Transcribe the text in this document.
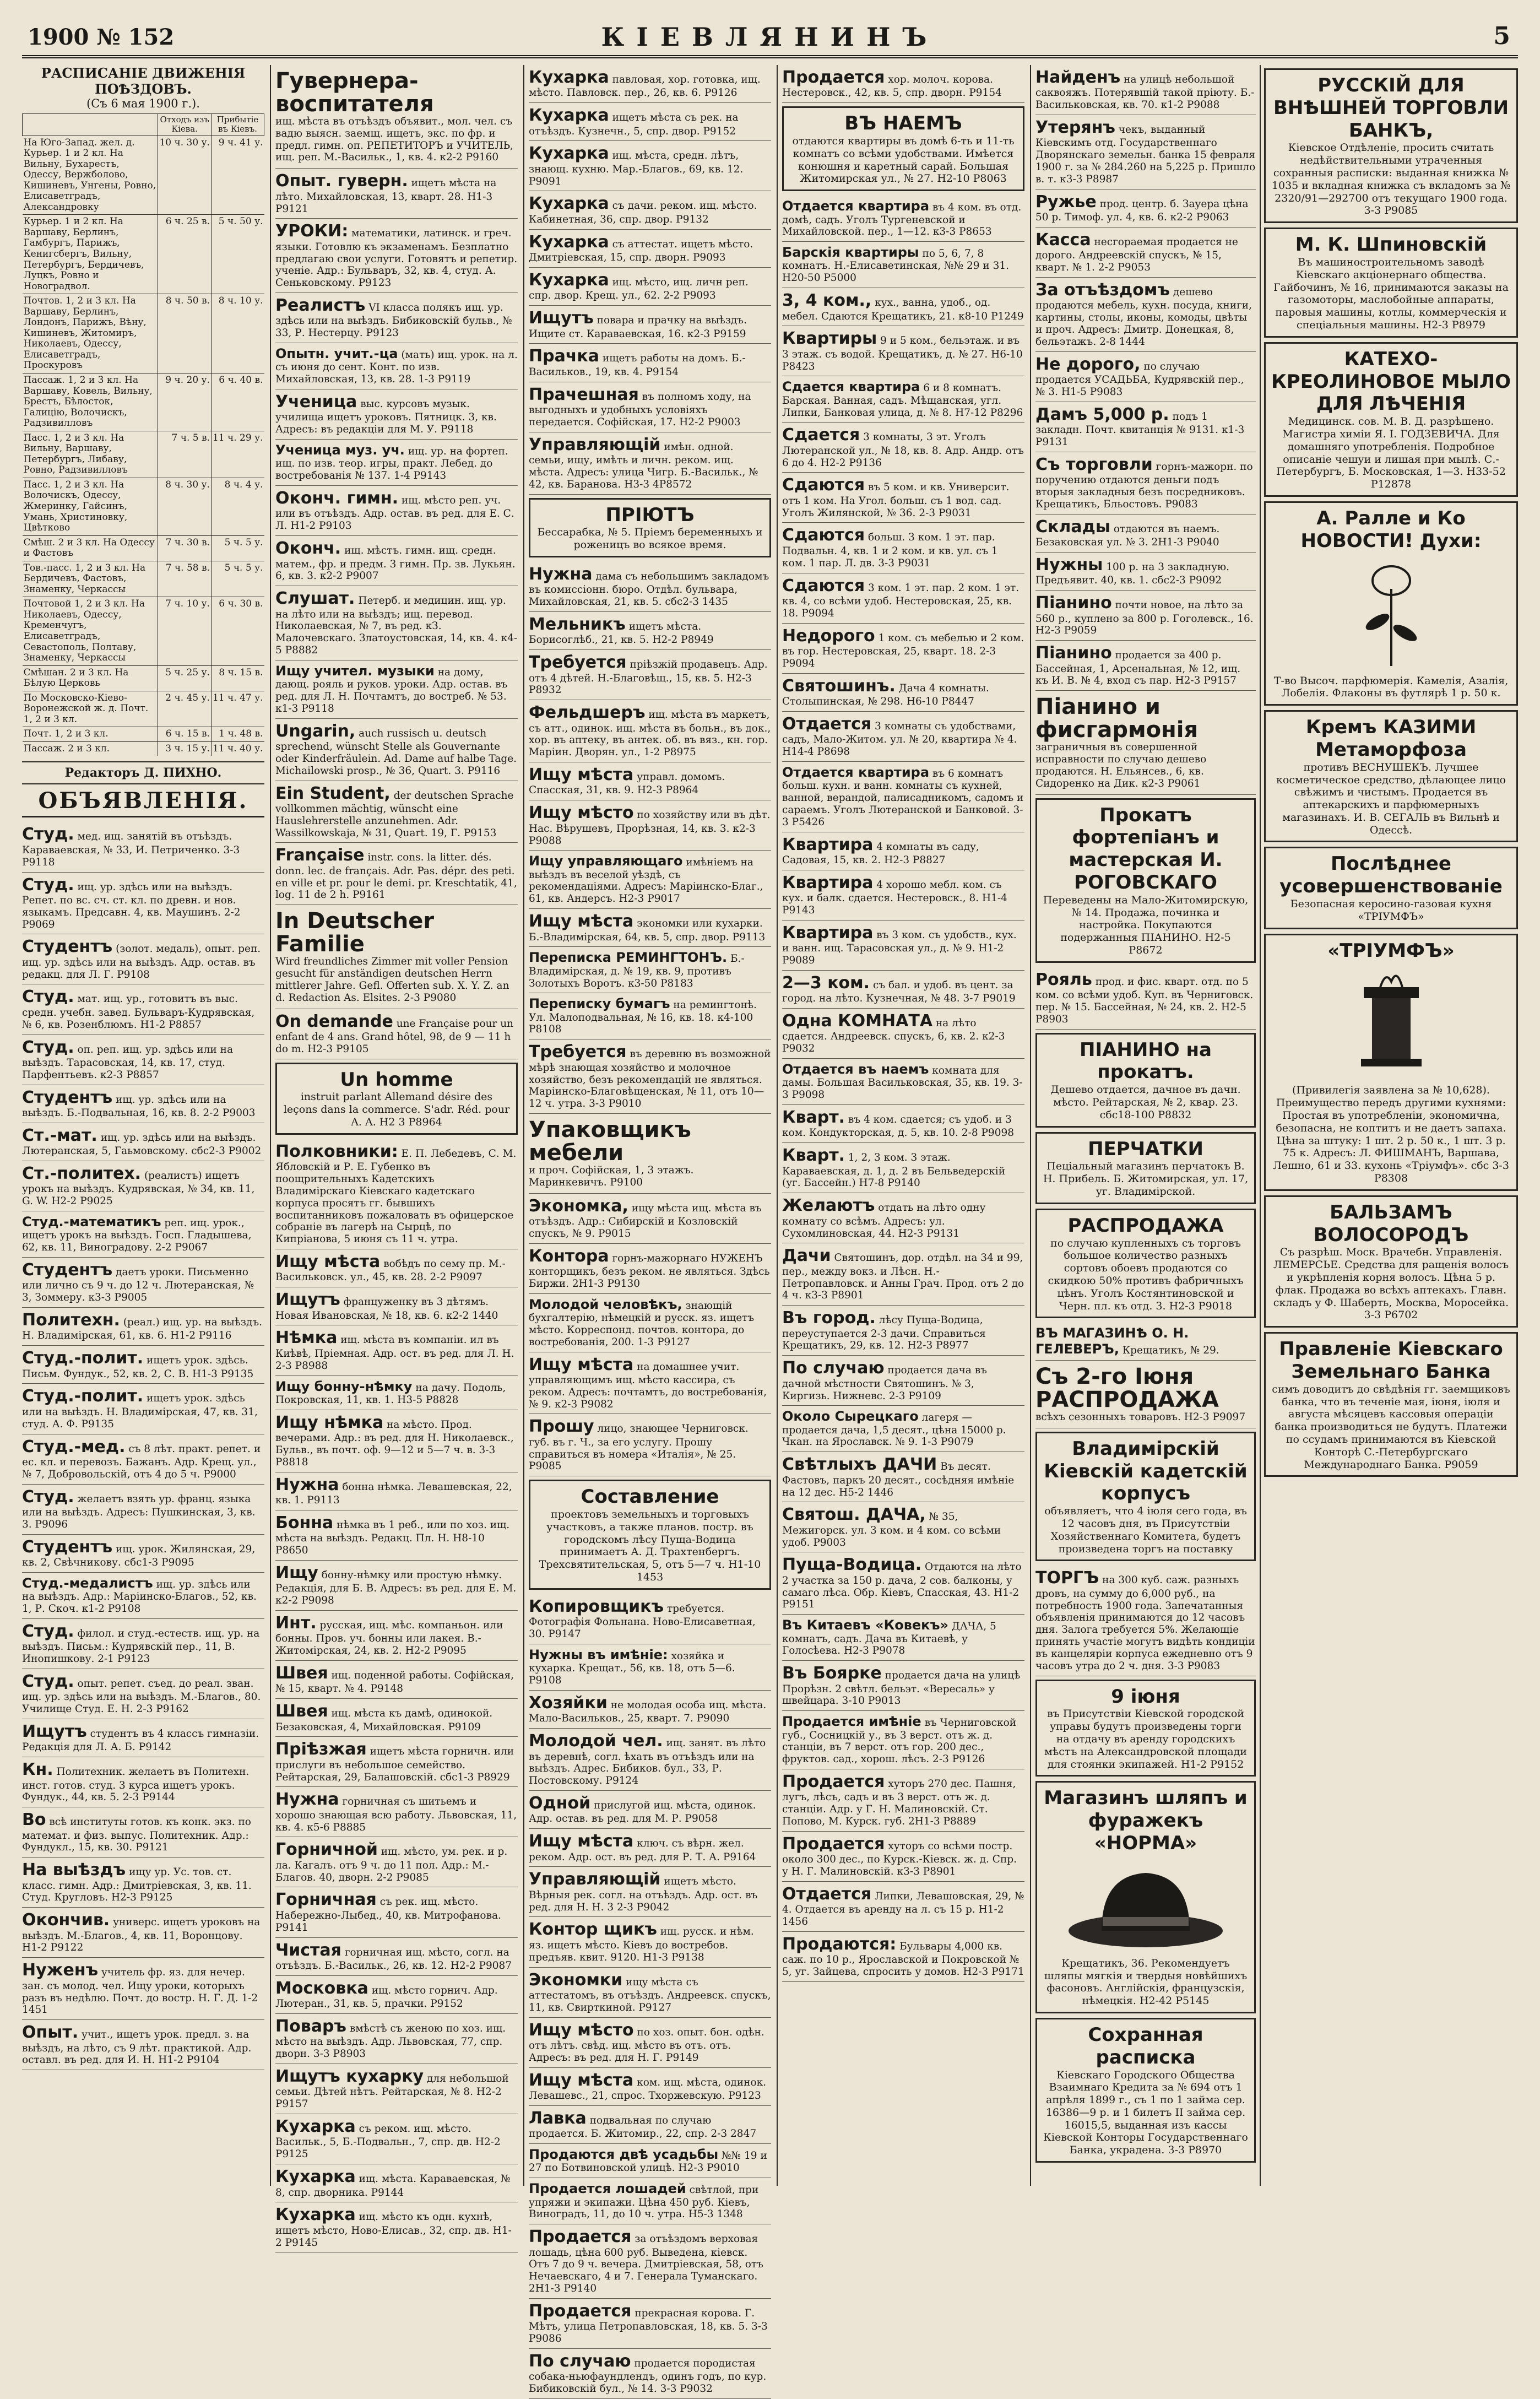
1900 № 152	КІЕВЛЯНИНЪ	5
РАСПИСАНІЕ ДВИЖЕНІЯ ПОѢЗДОВЪ.
(Съ 6 мая 1900 г.).
	Отходъ изъ Кіева.	Прибытіе въ Кіевъ.
На Юго-Запад. жел. д. Курьер. 1 и 2 кл. На Вильну, Бухарестъ, Одессу, Вержболово, Кишиневъ, Унгены, Ровно, Елисаветградъ, Александровку	10 ч. 30 у.	9 ч. 41 у.
Курьер. 1 и 2 кл. На Варшаву, Берлинъ, Гамбургъ, Парижъ, Кенигсбергъ, Вильну, Петербургъ, Бердичевъ, Луцкъ, Ровно и Новоградвол.	6 ч. 25 в.	5 ч. 50 у.
Почтов. 1, 2 и 3 кл. На Варшаву, Берлинъ, Лондонъ, Парижъ, Вѣну, Кишиневъ, Житомиръ, Николаевъ, Одессу, Елисаветградъ, Проскуровъ	8 ч. 50 в.	8 ч. 10 у.
Пассаж. 1, 2 и 3 кл. На Варшаву, Ковель, Вильну, Брестъ, Бѣлосток, Галицію, Волочискъ, Радзивилловъ	9 ч. 20 у.	6 ч. 40 в.
Пасс. 1, 2 и 3 кл. На Вильну, Варшаву, Петербургъ, Либаву, Ровно, Радзивилловъ	7 ч. 5 в.	11 ч. 29 у.
Пасс. 1, 2 и 3 кл. На Волочискъ, Одессу, Жмеринку, Гайсинъ, Умань, Христиновку, Цвѣтково	8 ч. 30 у.	8 ч. 4 у.
Смѣш. 2 и 3 кл. На Одессу и Фастовъ	7 ч. 30 в.	5 ч. 5 у.
Тов.-пасс. 1, 2 и 3 кл. На Бердичевъ, Фастовъ, Знаменку, Черкассы	7 ч. 58 в.	5 ч. 5 у.
Почтовой 1, 2 и 3 кл. На Николаевъ, Одессу, Кременчугъ, Елисаветградъ, Севастополь, Полтаву, Знаменку, Черкассы	7 ч. 10 у.	6 ч. 30 в.
Смѣшан. 2 и 3 кл. На Бѣлую Церковь	5 ч. 25 у.	8 ч. 15 в.
По Московско-Кіево-Воронежской ж. д. Почт. 1, 2 и 3 кл.	2 ч. 45 у.	11 ч. 47 у.
Почт. 1, 2 и 3 кл.	6 ч. 15 в.	1 ч. 48 в.
Пассаж. 2 и 3 кл.	3 ч. 15 у.	11 ч. 40 у.
Редакторъ Д. ПИХНО.
ОБЪЯВЛЕНІЯ.
Студ. мед. ищ. занятій въ отъѣздъ. Караваевская, № 33, И. Петриченко. 3-3 Р9118
Студ. ищ. ур. здѣсь или на выѣздъ. Репет. по вс. сч. ст. кл. по древн. и нов. языкамъ. Предсавн. 4, кв. Маушинъ. 2-2 Р9069
Студентъ (золот. медаль), опыт. реп. ищ. ур. здѣсь или на выѣздъ. Адр. остав. въ редакц. для Л. Г. Р9108
Студ. мат. ищ. ур., готовитъ въ выс. средн. учебн. завед. Бульваръ-Кудрявская, № 6, кв. Розенблюмъ. Н1-2 Р8857
Студ. оп. реп. ищ. ур. здѣсь или на выѣздъ. Тарасовская, 14, кв. 17, студ. Парфентьевъ. к2-3 Р8857
Студентъ ищ. ур. здѣсь или на выѣздъ. Б.-Подвальная, 16, кв. 8. 2-2 Р9003
Ст.-мат. ищ. ур. здѣсь или на выѣздъ. Лютеранская, 5, Гаьмовскому. сбс2-3 Р9002
Ст.-политех. (реалистъ) ищетъ урокъ на выѣздъ. Кудрявская, № 34, кв. 11, G. W. Н2-2 Р9025
Студ.-математикъ реп. ищ. урок., ищетъ урокъ на выѣздъ. Госп. Гладышева, 62, кв. 11, Виноградову. 2-2 Р9067
Студентъ даетъ уроки. Письменно или лично съ 9 ч. до 12 ч. Лютеранская, № 3, Зоммеру. к3-3 Р9005
Политехн. (реал.) ищ. ур. на выѣздъ. Н. Владимірская, 61, кв. 6. Н1-2 Р9116
Студ.-полит. ищетъ урок. здѣсь. Письм. Фундук., 52, кв. 2, С. В. Н1-3 Р9135
Студ.-полит. ищетъ урок. здѣсь или на выѣздъ. Н. Владимірская, 47, кв. 31, студ. А. Ф. Р9135
Студ.-мед. съ 8 лѣт. практ. репет. и ес. кл. и перевозъ. Бажанъ. Адр. Крещ. ул., № 7, Добровольскій, отъ 4 до 5 ч. Р9000
Студ. желаетъ взять ур. франц. языка или на выѣздъ. Адресъ: Пушкинская, 3, кв. 3. Р9096
Студентъ ищ. урок. Жилянская, 29, кв. 2, Свѣчникову. сбс1-3 Р9095
Студ.-медалистъ ищ. ур. здѣсь или на выѣздъ. Адр.: Маріинско-Благов., 52, кв. 1, Р. Скоч. к1-2 Р9108
Студ. филол. и студ.-естеств. ищ. ур. на выѣздъ. Письм.: Кудрявскій пер., 11, В. Инопишкову. 2-1 Р9123
Студ. опыт. репет. съед. до реал. зван. ищ. ур. здѣсь или на выѣздъ. М.-Благов., 80. Училище Студ. Е. Н. 2-3 Р9162
Ищутъ студентъ въ 4 классъ гимназіи. Редакція для Л. А. Б. Р9142
Кн. Политехник. желаетъ въ Политехн. инст. готов. студ. 3 курса ищетъ урокъ. Фундук., 44, кв. 5. 2-3 Р9144
Во всѣ институты готов. къ конк. экз. по математ. и физ. выпус. Политехник. Адр.: Фундукл., 15, кв. 30. Р9121
На выѣздъ ищу ур. Ус. тов. ст. класс. гимн. Адр.: Дмитріевская, 3, кв. 11. Студ. Кругловъ. Н2-3 Р9125
Окончив. универс. ищетъ уроковъ на выѣздъ. М.-Благов., 4, кв. 11, Воронцову. Н1-2 Р9122
Нуженъ учитель фр. яз. для нечер. зан. съ молод. чел. Ищу уроки, которыхъ разъ въ недѣлю. Почт. до востр. Н. Г. Д. 1-2 1451
Опыт. учит., ищетъ урок. предл. з. на выѣздъ, на лѣто, съ 9 лѣт. практикой. Адр. оставл. въ ред. для И. Н. Н1-2 Р9104
Гувернера-воспитателя

ищ. мѣста въ отъѣздъ объявит., мол. чел. съ вадю выясн. заемщ. ищетъ, экс. по фр. и предл. гимн. оп. РЕПЕТИТОРЪ и УЧИТЕЛЬ, ищ. реп. М.-Васильк., 1, кв. 4. к2-2 Р9160
Опыт. гуверн. ищетъ мѣста на лѣто. Михайловская, 13, кварт. 28. Н1-3 Р9121
УРОКИ: математики, латинск. и греч. языки. Готовлю къ экзаменамъ. Безплатно предлагаю свои услуги. Готовятъ и репетир. ученіе. Адр.: Бульваръ, 32, кв. 4, студ. А. Сеньковскому. Р9123
Реалистъ VI класса полякъ ищ. ур. здѣсь или на выѣздъ. Бибиковскій бульв., № 33, Р. Нестерцу. Р9123
Опытн. учит.-ца (мать) ищ. урок. на л. съ июня до сент. Конт. по изв. Михайловская, 13, кв. 28. 1-3 Р9119
Ученица выс. курсовъ музык. училища ищетъ уроковъ. Пятницк. 3, кв. Адресъ: въ редакціи для М. У. Р9118
Ученица муз. уч. ищ. ур. на фортеп. ищ. по изв. теор. игры, практ. Лебед. до востребованія № 137. 1-4 Р9143
Оконч. гимн. ищ. мѣсто реп. уч. или въ отъѣздъ. Адр. остав. въ ред. для Е. С. Л. Н1-2 Р9103
Оконч. ищ. мѣстъ. гимн. ищ. средн. матем., фр. и предм. 3 гимн. Пр. зв. Лукьян. 6, кв. 3. к2-2 Р9007
Слушат. Петерб. и медицин. ищ. ур. на лѣто или на выѣздъ; ищ. перевод. Николаевская, № 7, въ ред. кЗ. Малочевскаго. Златоустовская, 14, кв. 4. к4-5 Р8882
Ищу учител. музыки на дому, дающ. рояль и руков. уроки. Адр. остав. въ ред. для Л. Н. Почтамтъ, до востреб. № 53. к1-3 Р9118
Ungarin, auch russisch u. deutsch sprechend, wünscht Stelle als Gouvernante oder Kinderfräulein. Ad. Dame auf halbe Tage. Michailowski prosp., № 36, Quart. 3. Р9116
Ein Student, der deutschen Sprache vollkommen mächtig, wünscht eine Hauslehrerstelle anzunehmen. Adr. Wassilkowskaja, № 31, Quart. 19, Г. Р9153
Française instr. cons. la litter. dés. donn. lec. de français. Adr. Pas. dépr. des peti. en ville et pr. pour le demi. pr. Kreschtatik, 41, log. 11 de 2 h. Р9161
In Deutscher Familie

Wird freundliches Zimmer mit voller Pension gesucht für anständigen deutschen Herrn mittlerer Jahre. Gefl. Offerten sub. X. Y. Z. an d. Redaction As. Elsites. 2-3 Р9080
On demande une Française pour un enfant de 4 ans. Grand hôtel, 98, de 9 — 11 h do m. Н2-3 Р9105
Un homme
instruit parlant Allemand désire des leçons dans la commerce. S'adr. Réd. pour A. A. Н2 3 Р8964
Полковники: Е. П. Лебедевъ, С. М. Ябловскій и Р. Е. Губенко въ поощрительныхъ Кадетскихъ Владимірскаго Кіевскаго кадетскаго корпуса просятъ гг. бывшихъ воспитанниковъ пожаловать въ офицерское собраніе въ лагерѣ на Сырцѣ, по Кипріанова, 5 июня съ 11 ч. утра.
Ищу мѣста вобѣдъ по сему пр. М.-Васильковск. ул., 45, кв. 28. 2-2 Р9097
Ищутъ француженку въ 3 дѣтямъ. Новая Ивановская, № 18, кв. 6. к2-2 1440
Нѣмка ищ. мѣста въ компаніи. ил въ Киѣвѣ, Пріемная. Адр. ост. въ ред. для Л. Н. 2-3 Р8988
Ищу бонну-нѣмку на дачу. Подоль, Покровская, 11, кв. 1. Н3-5 Р8828
Ищу нѣмка на мѣсто. Прод. вечерами. Адр.: въ ред. для Н. Николаевск., Бульв., въ почт. оф. 9—12 и 5—7 ч. в. 3-3 Р8818
Нужна бонна нѣмка. Левашевская, 22, кв. 1. Р9113
Бонна нѣмка въ 1 реб., или по хоз. ищ. мѣста на выѣздъ. Редакц. Пл. Н. Н8-10 Р8650
Ищу бонну-нѣмку или простую нѣмку. Редакція, для Б. В. Адресъ: въ ред. для Е. М. к2-2 Р9098
Инт. русская, ищ. мѣс. компаньон. или бонны. Пров. уч. бонны или лакея. В.-Житомірская, 24, кв. 2. Н2-2 Р9095
Швея ищ. поденной работы. Софійская, № 15, кварт. № 4. Р9148
Швея ищ. мѣста къ дамѣ, одинокой. Безаковская, 4, Михайловская. Р9109
Прiѣзжая ищетъ мѣста горничн. или прислуги въ небольшое семейство. Рейтарская, 29, Балашовскій. сбс1-3 Р8929
Нужна горничная съ шитьемъ и хорошо знающая всю работу. Львовская, 11, кв. 4. к5-6 Р8885
Горничной ищ. мѣсто, ум. рек. и р. ла. Кагалъ. отъ 9 ч. до 11 пол. Адр.: М.-Благов. 40, дворн. 2-2 Р9085
Горничная съ рек. ищ. мѣсто. Набережно-Лыбед., 40, кв. Митрофанова. Р9141
Чистая горничная ищ. мѣсто, согл. на отъѣздъ. Б.-Васильк., 26, кв. 12. Н2-2 Р9087
Московка ищ. мѣсто горнич. Адр. Лютеран., 31, кв. 5, прачки. Р9152
Поваръ вмѣстѣ съ женою по хоз. ищ. мѣсто на выѣздъ. Адр. Львовская, 77, спр. дворн. 3-3 Р8903
Ищутъ кухарку для небольшой семьи. Дѣтей нѣтъ. Рейтарская, № 8. Н2-2 Р9157
Кухарка съ реком. ищ. мѣсто. Васильк., 5, Б.-Подвальн., 7, спр. дв. Н2-2 Р9125
Кухарка ищ. мѣста. Караваевская, № 8, спр. дворника. Р9144
Кухарка ищ. мѣсто къ одн. кухнѣ, ищетъ мѣсто, Ново-Елисав., 32, спр. дв. Н1-2 Р9145
Кухарка павловая, хор. готовка, ищ. мѣсто. Павловск. пер., 26, кв. 6. Р9126
Кухарка ищетъ мѣста съ рек. на отъѣздъ. Кузнечн., 5, спр. двор. Р9152
Кухарка ищ. мѣста, средн. лѣтъ, знающ. кухню. Мар.-Благов., 69, кв. 12. Р9091
Кухарка съ дачи. реком. ищ. мѣсто. Кабинетная, 36, спр. двор. Р9132
Кухарка съ аттестат. ищетъ мѣсто. Дмитріевская, 15, спр. дворн. Р9093
Кухарка ищ. мѣсто, ищ. личн реп. спр. двор. Крещ. ул., 62. 2-2 Р9093
Ищутъ повара и прачку на выѣздъ. Ищите ст. Караваевская, 16. к2-3 Р9159
Прачка ищетъ работы на домъ. Б.-Васильков., 19, кв. 4. Р9154
Прачешная въ полномъ ходу, на выгодныхъ и удобныхъ условіяхъ передается. Софійская, 17. Н2-2 Р9003
Управляющій имѣн. одной. семьи, ищу, имѣть и личн. реком. ищ. мѣста. Адресъ: улица Чигр. Б.-Васильк., № 42, кв. Баранова. Н3-3 4Р8572
ПРІЮТЪ
Бессарабка, № 5. Пріемъ беременныхъ и роженицъ во всякое время.
Нужна дама съ небольшимъ закладомъ въ комиссіонн. бюро. Отдѣл. бульвара, Михайловская, 21, кв. 5. сбс2-3 1435
Мельникъ ищетъ мѣста. Борисоглѣб., 21, кв. 5. Н2-2 Р8949
Требуется пріѣзжій продавецъ. Адр. отъ 4 дѣтей. Н.-Благовѣщ., 15, кв. 5. Н2-3 Р8932
Фельдшеръ ищ. мѣста въ маркетъ, съ атт., одинок. ищ. мѣста въ больн., въ док., хор. въ аптеку, въ антек. об. въ вяз., кн. гор. Маріин. Дворян. ул., 1-2 Р8975
Ищу мѣста управл. домомъ. Спасская, 31, кв. 9. Н2-3 Р8964
Ищу мѣсто по хозяйству или въ дѣт. Нас. Вѣрушевъ, Прорѣзная, 14, кв. 3. к2-3 Р9088
Ищу управляющаго имѣніемъ на выѣздъ въ веселой уѣздѣ, съ рекомендаціями. Адресъ: Маріинско-Благ., 61, кв. Андерсъ. Н2-3 Р9017
Ищу мѣста экономки или кухарки. Б.-Владимірская, 64, кв. 5, спр. двор. Р9113
Переписка РЕМИНГТОНЪ. Б.-Владимірская, д. № 19, кв. 9, противъ Золотыхъ Воротъ. к3-50 Р8183
Переписку бумагъ на ремингтонѣ. Ул. Малоподвальная, № 16, кв. 18. к4-100 Р8108
Требуется въ деревню въ возможной мѣрѣ знающая хозяйство и молочное хозяйство, безъ рекомендацій не являться. Маріинско-Благовѣщенская, № 11, отъ 10—12 ч. утра. 3-3 Р9010
Упаковщикъ мебели

и проч. Софійская, 1, 3 этажъ. Маринкевичъ. Р9100
Экономка, ищу мѣста ищ. мѣста въ отъѣздъ. Адр.: Сибирскій и Козловскій спускъ, № 9. Р9015
Контора горнъ-мажорнаго НУЖЕНЪ конторщикъ, безъ реком. не являться. Здѣсь Биржи. 2Н1-3 Р9130
Молодой человѣкъ, знающій бухгалтерію, нѣмецкій и русск. яз. ищетъ мѣсто. Корреспонд. почтов. контора, до востребованія, 200. 1-3 Р9127
Ищу мѣста на домашнее учит. управляющимъ ищ. мѣсто кассира, съ реком. Адресъ: почтамтъ, до востребованія, № 9. к2-3 Р9082
Прошу лицо, знающее Черниговск. губ. въ г. Ч., за его услугу. Прошу справиться въ номера «Италія», № 25. Р9085
Составление
проектовъ земельныхъ и торговыхъ участковъ, а также планов. постр. въ городскомъ лѣсу Пуща-Водица принимаетъ А. Д. Трахтенбергъ. Трехсвятительская, 5, отъ 5—7 ч. Н1-10 1453
Копировщикъ требуется. Фотографія Фольнана. Ново-Елисаветная, 30. Р9147
Нужны въ имѣніе: хозяйка и кухарка. Крещат., 56, кв. 18, отъ 5—6. Р9108
Хозяйки не молодая особа ищ. мѣста. Мало-Васильков., 25, кварт. 7. Р9090
Молодой чел. ищ. занят. въ лѣто въ деревнѣ, согл. ѣхать въ отъѣздъ или на выѣздъ. Адрес. Бибиков. бул., 33, Р. Постовскому. Р9124
Одной прислугой ищ. мѣста, одинок. Адр. остав. въ ред. для М. Р. Р9058
Ищу мѣста ключ. съ вѣрн. жел. реком. Адр. ост. въ ред. для Р. Т. А. Р9164
Управляющій ищетъ мѣсто. Вѣрныя рек. согл. на отъѣздъ. Адр. ост. въ ред. для Н. Н. 3 2-3 Р9042
Контор щикъ ищ. русск. и нѣм. яз. ищетъ мѣсто. Кіевъ до востребов. предъяв. квит. 9120. Н1-3 Р9138
Экономки ищу мѣста съ аттестатомъ, въ отъѣздъ. Андреевск. спускъ, 11, кв. Свирткиной. Р9127
Ищу мѣсто по хоз. опыт. бон. одѣн. отъ лѣтъ. свѣд. ищ. мѣсто въ отъ. отъ. Адресъ: въ ред. для Н. Г. Р9149
Ищу мѣста ком. ищ. мѣста, одинок. Левашевс., 21, спрос. Тхоржевскую. Р9123
Лавка подвальная по случаю продается. Б. Житомир., 22, спр. 2-3 2847
Продаются двѣ усадьбы №№ 19 и 27 по Ботвиновской улицѣ. Н2-3 Р9010
Продается лошадей свѣтлой, при упряжи и экипажи. Цѣна 450 руб. Кіевъ, Виноградъ, 11, до 10 ч. утра. Н5-3 1348
Продается за отъѣздомъ верховая лошадь, цѣна 600 руб. Выведена, кіевск. Отъ 7 до 9 ч. вечера. Дмитріевская, 58, отъ Нечаевскаго, 4 и 7. Генерала Туманскаго. 2Н1-3 Р9140
Продается прекрасная корова. Г. Мѣтъ, улица Петропавловская, 18, кв. 5. 3-3 Р9086
По случаю продается породистая собака-ньюфаундлендъ, одинъ годъ, по кур. Бибиковскій бул., № 14. 3-3 Р9032
Продается хор. молоч. корова. Нестеровск., 42, кв. 5, спр. дворн. Р9154
ВЪ НАЕМЪ
отдаются квартиры въ домѣ 6-ть и 11-ть комнатъ со всѣми удобствами. Имѣется конюшня и каретный сарай. Большая Житомирская ул., № 27. Н2-10 Р8063
Отдается квартира въ 4 ком. въ отд. домѣ, садъ. Уголъ Тургеневской и Михайловской. пер., 1—12. к3-3 Р8653
Барскія квартиры по 5, 6, 7, 8 комнатъ. Н.-Елисаветинская, №№ 29 и 31. Н20-50 Р5000
3, 4 ком., кух., ванна, удоб., од. мебел. Сдаются Крещатикъ, 21. к8-10 Р1249
Квартиры 9 и 5 ком., бельэтаж. и въ 3 этаж. съ водой. Крещатикъ, д. № 27. Н6-10 Р8423
Сдается квартира 6 и 8 комнатъ. Барская. Ванная, садъ. Мѣщанская, угл. Липки, Банковая улица, д. № 8. Н7-12 Р8296
Сдается 3 комнаты, 3 эт. Уголъ Лютеранской ул., № 18, кв. 8. Адр. Андр. отъ 6 до 4. Н2-2 Р9136
Сдаются въ 5 ком. и кв. Университ. отъ 1 ком. На Угол. больш. съ 1 вод. сад. Уголъ Жилянской, № 36. 2-3 Р9031
Сдаются больш. 3 ком. 1 эт. пар. Подвальн. 4, кв. 1 и 2 ком. и кв. ул. съ 1 ком. 1 пар. Л. дв. 3-3 Р9031
Сдаются 3 ком. 1 эт. пар. 2 ком. 1 эт. кв. 4, со всѣми удоб. Нестеровская, 25, кв. 18. Р9094
Недорого 1 ком. съ мебелью и 2 ком. въ гор. Нестеровская, 25, кварт. 18. 2-3 Р9094
Святошинъ. Дача 4 комнаты. Столыпинская, № 298. Н6-10 Р8447
Отдается 3 комнаты съ удобствами, садъ, Мало-Житом. ул. № 20, квартира № 4. Н14-4 Р8698
Отдается квартира въ 6 комнатъ больш. кухн. и ванн. комнаты съ кухней, ванной, верандой, палисадникомъ, садомъ и сараемъ. Уголъ Лютеранской и Банковой. 3-3 Р5426
Квартира 4 комнаты въ саду, Садовая, 15, кв. 2. Н2-3 Р8827
Квартира 4 хорошо мебл. ком. съ кух. и балк. сдается. Нестеровск., 8. Н1-4 Р9143
Квартира въ 3 ком. съ удобств., кух. и ванн. ищ. Тарасовская ул., д. № 9. Н1-2 Р9089
2—3 ком. съ бал. и удоб. въ цент. за город. на лѣто. Кузнечная, № 48. 3-7 Р9019
Одна КОМНАТА на лѣто сдается. Андреевск. спускъ, 6, кв. 2. к2-3 Р9032
Отдается въ наемъ комната для дамы. Большая Васильковская, 35, кв. 19. 3-3 Р9098
Кварт. въ 4 ком. сдается; съ удоб. и 3 ком. Кондукторская, д. 5, кв. 10. 2-8 Р9098
Кварт. 1, 2, 3 ком. 3 этаж. Караваевская, д. 1, д. 2 въ Бельведерскій (уг. Бассейн.) Н7-8 Р9140
Желаютъ отдать на лѣто одну комнату со всѣмъ. Адресъ: ул. Сухомлиновская, 44. Н2-3 Р9131
Дачи Святошинъ, дор. отдѣл. на 34 и 99, пер., между вокз. и Лѣсн. Н.-Петропавловск. и Анны Грач. Прод. отъ 2 до 4 ч. к3-3 Р8901
Въ город. лѣсу Пуща-Водица, переуступается 2-3 дачи. Справиться Крещатикъ, 29, кв. 12. Н2-3 Р8977
По случаю продается дача въ дачной мѣстности Святошинъ. № 3, Киргизь. Нижневс. 2-3 Р9109
Около Сырецкаго лагеря — продается дача, 1,5 десят., цѣна 15000 р. Чкан. на Ярославск. № 9. 1-3 Р9079
Свѣтлыхъ ДАЧИ Въ десят. Фастовъ, паркъ 20 десят., сосѣдняя имѣніе на 12 дес. Н5-2 1446
Святош. ДАЧА, № 35, Межигорск. ул. 3 ком. и 4 ком. со всѣми удоб. Р9003
Пуща-Водица. Отдаются на лѣто 2 участка за 150 р. дача, 2 сов. балконы, у самаго лѣса. Обр. Кіевъ, Спасская, 43. Н1-2 Р9151
Въ Китаевъ «Ковекъ» ДАЧА, 5 комнатъ, садъ. Дача въ Китаевѣ, у Голосѣева. Н2-3 Р9078
Въ Боярке продается дача на улицѣ Прорѣзн. 2 свѣтл. бельэт. «Вересаль» у швейцара. 3-10 Р9013
Продается имѣніе въ Черниговской губ., Сосницкій у., въ 3 верст. отъ ж. д. станціи, въ 7 верст. отъ гор. 200 дес., фруктов. сад., хорош. лѣсъ. 2-3 Р9126
Продается хуторъ 270 дес. Пашня, лугъ, лѣсъ, садъ и въ 3 верст. отъ ж. д. станціи. Адр. у Г. Н. Малиновскій. Ст. Попово, М. Курск. губ. 2Н1-3 Р8889
Продается хуторъ со всѣми постр. около 300 дес., по Курск.-Кіевск. ж. д. Спр. у Н. Г. Малиновскій. к3-3 Р8901
Отдается Липки, Левашовская, 29, № 4. Отдается въ аренду на л. съ 15 р. Н1-2 1456
Продаются: Бульвары 4,000 кв. саж. по 10 р., Ярославской и Покровской № 5, уг. Зайцева, спросить у домов. Н2-3 Р9171
Найденъ на улицѣ небольшой саквояжъ. Потерявшій такой пріюту. Б.-Васильковская, кв. 70. к1-2 Р9088
Утерянъ чекъ, выданный Кіевскимъ отд. Государственнаго Дворянскаго земельн. банка 15 февраля 1900 г. за № 284.260 на 5,225 р. Пришло в. т. к3-3 Р8987
Ружье прод. центр. б. Зауера цѣна 50 р. Тимоф. ул. 4, кв. 6. к2-2 Р9063
Касса несгораемая продается не дорого. Андреевскій спускъ, № 15, кварт. № 1. 2-2 Р9053
За отъѣздомъ дешево продаются мебель, кухн. посуда, книги, картины, столы, иконы, комоды, цвѣты и проч. Адресъ: Дмитр. Донецкая, 8, бельэтажъ. 2-8 1444
Не дорого, по случаю продается УСАДЬБА, Кудрявскій пер., № 3. Н1-5 Р9083
Дамъ 5,000 р. подъ 1 закладн. Почт. квитанція № 9131. к1-3 Р9131
Съ торговли горнъ-мажорн. по поручению отдаются деньги подъ вторыя закладныя безъ посредниковъ. Крещатикъ, Бльостовъ. Р9083
Склады отдаются въ наемъ. Безаковская ул. № 3. 2Н1-3 Р9040
Нужны 100 р. на 3 закладную. Предъявит. 40, кв. 1. сбс2-3 Р9092
Піанино почти новое, на лѣто за 560 р., куплено за 800 р. Гоголевск., 16. Н2-3 Р9059
Піанино продается за 400 р. Бассейная, 1, Арсенальная, № 12, ищ. къ И. В. № 4, вход съ пар. Н2-3 Р9157
Піанино и фисгармонія

заграничныя въ совершенной исправности по случаю дешево продаются. Н. Ельянсев., 6, кв. Сидоренко на Дик. к2-3 Р9061
Прокатъ фортепіанъ и мастерская И. РОГОВСКАГО
Переведены на Мало-Житомирскую, № 14. Продажа, починка и настройка. Покупаются подержанныя ПІАНИНО. Н2-5 Р8672
Рояль прод. и фис. кварт. отд. по 5 ком. со всѣми удоб. Куп. въ Черниговск. пер. № 15. Бассейная, № 24, кв. 2. Н2-5 Р8903
ПІАНИНО на прокатъ.
Дешево отдается, дачное въ дачн. мѣсто. Рейтарская, № 2, квар. 23. сбс18-100 Р8832
ПЕРЧАТКИ
Пеціальный магазинъ перчатокъ В. Н. Прибель. Б. Житомирская, ул. 17, уг. Владимірской.
РАСПРОДАЖА
по случаю купленныхъ съ торговъ большое количество разныхъ сортовъ обоевъ продаются со скидкою 50% противъ фабричныхъ цѣнъ. Уголъ Костянтиновской и Черн. пл. къ отд. 3. Н2-3 Р9018
ВЪ МАГАЗИНѢ О. Н. ГЕЛЕВЕРЪ, Крещатикъ, № 29.
Съ 2-го Іюня РАСПРОДАЖА

всѣхъ сезонныхъ товаровъ. Н2-3 Р9097
Владимірскій Кіевскій кадетскій корпусъ
объявляетъ, что 4 іюля сего года, въ 12 часовъ дня, въ Присутствіи Хозяйственнаго Комитета, будетъ произведена торгъ на поставку
ТОРГЪ на 300 куб. саж. разныхъ дровъ, на сумму до 6,000 руб., на потребность 1900 года. Запечатанныя объявленія принимаются до 12 часовъ дня. Залога требуется 5%. Желающіе принять участіе могутъ видѣть кондиціи въ канцеляріи корпуса ежедневно отъ 9 часовъ утра до 2 ч. дня. 3-3 Р9083
9 іюня
въ Присутствіи Кіевской городской управы будутъ произведены торги на отдачу въ аренду городскихъ мѣстъ на Александровской площади для стоянки экипажей. Н1-2 Р9152
Магазинъ шляпъ и фуражекъ «НОРМА»

Крещатикъ, 36. Рекомендуетъ шляпы мягкія и твердыя новѣйшихъ фасоновъ. Англійскія, французскія, нѣмецкія. Н2-42 Р5145
Сохранная расписка
Кіевскаго Городского Общества Взаимнаго Кредита за № 694 отъ 1 апрѣля 1899 г., съ 1 по 1 займа сер. 16386—9 р. и 1 билетъ II займа сер. 16015,5, выданная изъ кассы Кіевской Конторы Государственнаго Банка, украдена. 3-3 Р8970
РУССКІЙ ДЛЯ ВНѢШНЕЙ ТОРГОВЛИ БАНКЪ,
Кіевское Отдѣленіе, просить считать недѣйствительными утраченныя сохранныя расписки: выданная книжка № 1035 и вкладная книжка съ вкладомъ за № 2320/91—292700 отъ текущаго 1900 года. 3-3 Р9085
М. К. Шпиновскій
Въ машиностроительномъ заводѣ Кіевскаго акціонернаго общества. Гайбочинъ, № 16, принимаются заказы на газомоторы, маслобойные аппараты, паровыя машины, котлы, коммерческія и спеціальныя машины. Н2-3 Р8979
КАТЕХО-КРЕОЛИНОВОЕ МЫЛО ДЛЯ ЛѢЧЕНІЯ
Медицинск. сов. М. В. Д. разрѣшено. Магистра химіи Я. І. ГОДЗЕВИЧА. Для домашняго употребленія. Подробное описаніе чешуи и лишая при мылѣ. С.-Петербургъ, Б. Московская, 1—3. Н33-52 Р12878
А. Ралле и Ко НОВОСТИ! Духи:

Т-во Высоч. парфюмерія. Камелія, Азалія, Лобелія. Флаконы въ футлярѣ 1 р. 50 к.
Кремъ КАЗИМИ Метаморфоза
противъ ВЕСНУШЕКЪ. Лучшее косметическое средство, дѣлающее лицо свѣжимъ и чистымъ. Продается въ аптекарскихъ и парфюмерныхъ магазинахъ. И. В. СЕГАЛЬ въ Вильнѣ и Одессѣ.
Послѣднее усовершенствованіе
Безопасная керосино-газовая кухня «ТРІУМФЪ»
«ТРІУМФЪ»

(Привилегія заявлена за № 10,628). Преимущество передъ другими кухнями: Простая въ употребленіи, экономична, безопасна, не коптитъ и не даетъ запаха. Цѣна за штуку: 1 шт. 2 р. 50 к., 1 шт. 3 р. 75 к. Адресъ: Л. ФИШМАНЪ, Варшава, Лешно, 61 и 33. кухонь «Тріумфъ». сбс 3-3 Р8308
БАЛЬЗАМЪ ВОЛОСОРОДЪ
Съ разрѣш. Моск. Врачебн. Управленія. ЛЕМЕРСЬЕ. Средства для ращенія волосъ и укрѣпленія корня волосъ. Цѣна 5 р. флак. Продажа во всѣхъ аптекахъ. Главн. складъ у Ф. Шаберть, Москва, Моросейка. 3-3 Р6702
Правленіе Кіевскаго Земельнаго Банка
симъ доводитъ до свѣдѣнія гг. заемщиковъ банка, что въ теченіе мая, іюня, іюля и августа мѣсяцевъ кассовыя операціи банка производиться не будутъ. Платежи по ссудамъ принимаются въ Кіевской Конторѣ С.-Петербургскаго Международнаго Банка. Р9059
